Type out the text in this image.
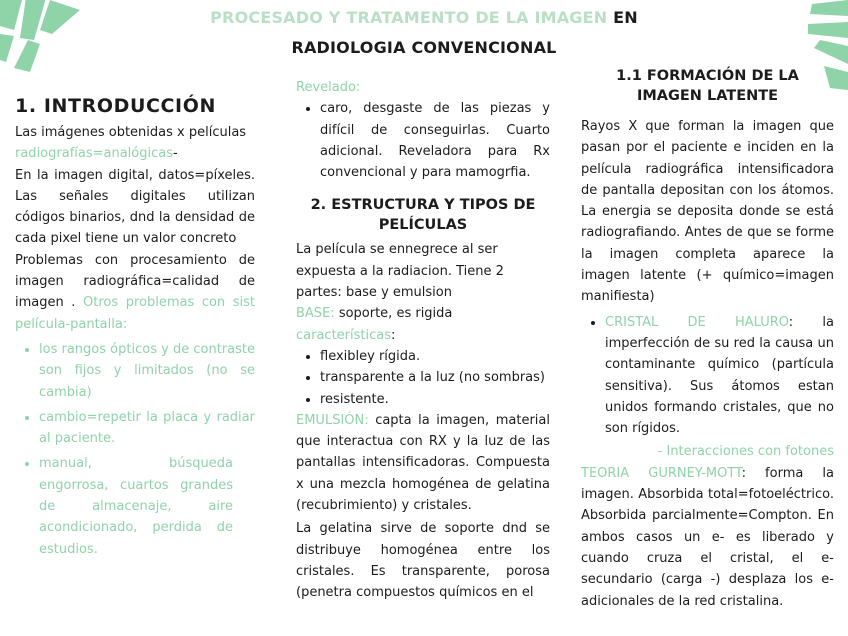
PROCESADO Y TRATAMENTO DE LA IMAGEN EN
RADIOLOGIA CONVENCIONAL

1. INTRODUCCIÓN

Las imágenes obtenidas x películas
radiografías=analógicas-

En la imagen digital, datos=píxeles. Las señales digitales utilizan códigos binarios, dnd la densidad de cada pixel tiene un valor concreto

Problemas con procesamiento de imagen radiográfica=calidad de imagen . Otros problemas con sist película-pantalla:

• los rangos ópticos y de contraste son fijos y limitados (no se cambia)
• cambio=repetir la placa y radiar al paciente.
• manual, búsqueda engorrosa, cuartos grandes de almacenaje, aire acondicionado, perdida de estudios.

Revelado:

• caro, desgaste de las piezas y difícil de conseguirlas. Cuarto adicional. Reveladora para Rx convencional y para mamogrfia.

2. ESTRUCTURA Y TIPOS DE PELÍCULAS

La película se ennegrece al ser expuesta a la radiacion. Tiene 2 partes: base y emulsion

BASE: soporte, es rigida
características:

• flexibley rígida.
• transparente a la luz (no sombras)
• resistente.

EMULSIÓN: capta la imagen, material que interactua con RX y la luz de las pantallas intensificadoras. Compuesta x una mezcla homogénea de gelatina (recubrimiento) y cristales.

La gelatina sirve de soporte dnd se distribuye homogénea entre los cristales. Es transparente, porosa (penetra compuestos químicos en el

1.1 FORMACIÓN DE LA IMAGEN LATENTE

Rayos X que forman la imagen que pasan por el paciente e inciden en la película radiográfica intensificadora de pantalla depositan con los átomos. La energia se deposita donde se está radiografiando. Antes de que se forme la imagen completa aparece la imagen latente (+ químico=imagen manifiesta)

• CRISTAL DE HALURO: la imperfección de su red la causa un contaminante químico (partícula sensitiva). Sus átomos estan unidos formando cristales, que no son rígidos.

- Interacciones con fotones

TEORIA GURNEY-MOTT: forma la imagen. Absorbida total=fotoeléctrico. Absorbida parcialmente=Compton. En ambos casos un e- es liberado y cuando cruza el cristal, el e- secundario (carga -) desplaza los e- adicionales de la red cristalina.
